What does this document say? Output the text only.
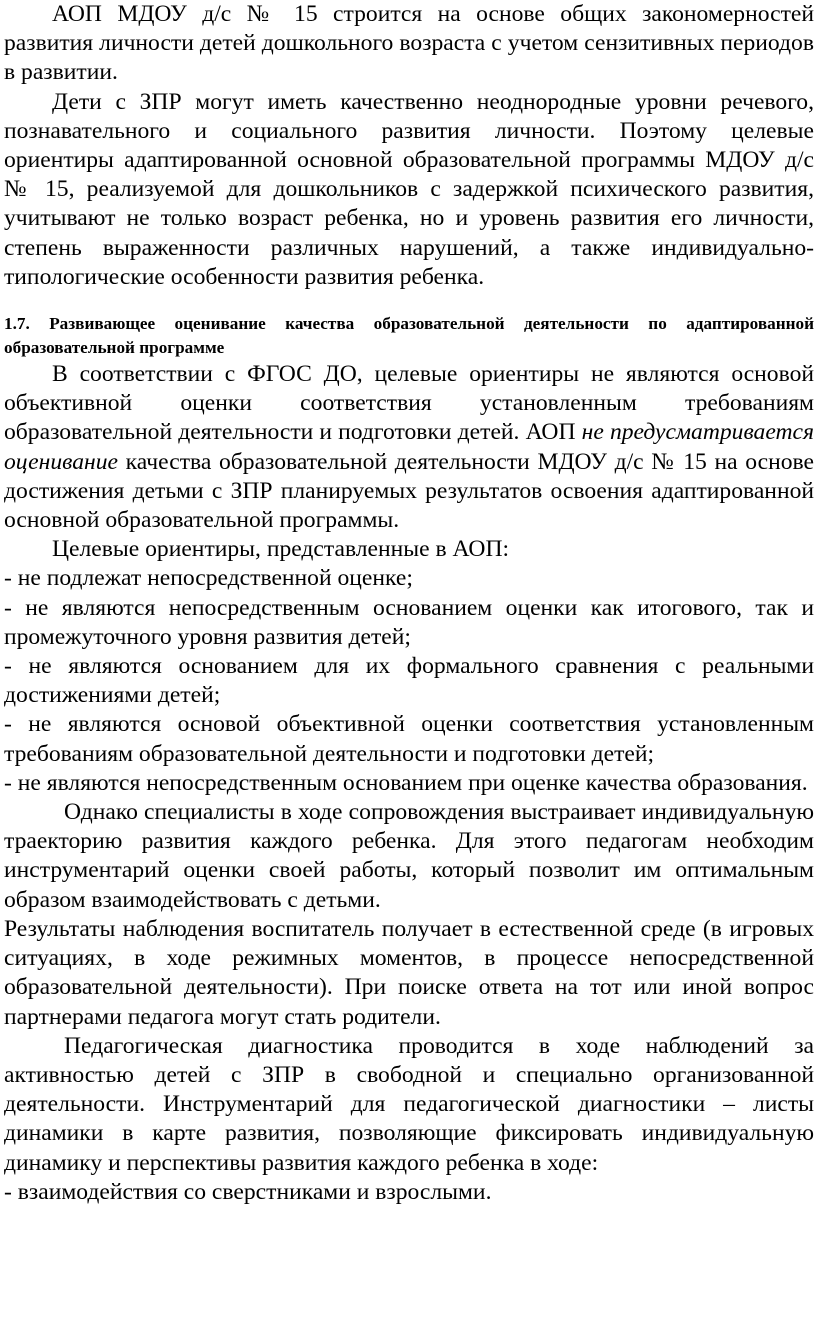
АОП МДОУ д/с № 15 строится на основе общих закономерностей развития личности детей дошкольного возраста с учетом сензитивных периодов в развитии.

Дети с ЗПР могут иметь качественно неоднородные уровни речевого, познавательного и социального развития личности. Поэтому целевые ориентиры адаптированной основной образовательной программы МДОУ д/с № 15, реализуемой для дошкольников с задержкой психического развития, учитывают не только возраст ребенка, но и уровень развития его личности, степень выраженности различных нарушений, а также индивидуально-типологические особенности развития ребенка.

1.7. Развивающее оценивание качества образовательной деятельности по адаптированной образовательной программе

В соответствии с ФГОС ДО, целевые ориентиры не являются основой объективной оценки соответствия установленным требованиям образовательной деятельности и подготовки детей. АОП не предусматривается оценивание качества образовательной деятельности МДОУ д/с № 15 на основе достижения детьми с ЗПР планируемых результатов освоения адаптированной основной образовательной программы.

Целевые ориентиры, представленные в АОП:

- не подлежат непосредственной оценке;

- не являются непосредственным основанием оценки как итогового, так и промежуточного уровня развития детей;

- не являются основанием для их формального сравнения с реальными достижениями детей;

- не являются основой объективной оценки соответствия установленным требованиям образовательной деятельности и подготовки детей;

- не являются непосредственным основанием при оценке качества образования.

Однако специалисты в ходе сопровождения выстраивает индивидуальную траекторию развития каждого ребенка. Для этого педагогам необходим инструментарий оценки своей работы, который позволит им оптимальным образом взаимодействовать с детьми.

Результаты наблюдения воспитатель получает в естественной среде (в игровых ситуациях, в ходе режимных моментов, в процессе непосредственной образовательной деятельности). При поиске ответа на тот или иной вопрос партнерами педагога могут стать родители.

Педагогическая диагностика проводится в ходе наблюдений за активностью детей с ЗПР в свободной и специально организованной деятельности. Инструментарий для педагогической диагностики – листы динамики в карте развития, позволяющие фиксировать индивидуальную динамику и перспективы развития каждого ребенка в ходе:

- взаимодействия со сверстниками и взрослыми.
